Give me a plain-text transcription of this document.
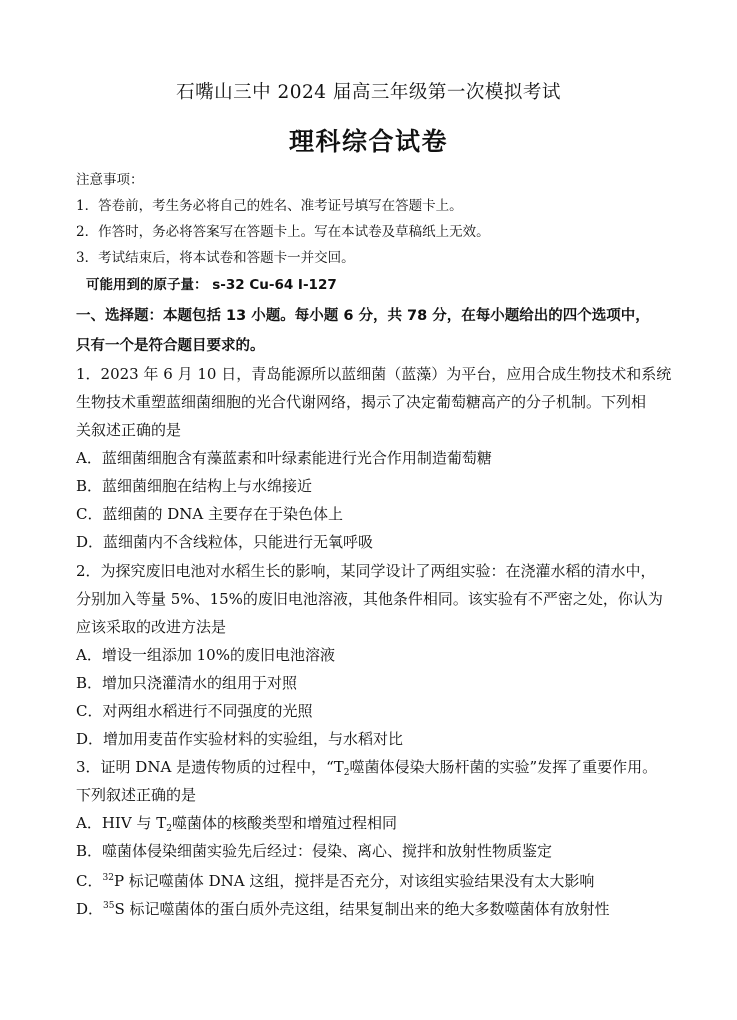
石嘴山三中 2024 届高三年级第一次模拟考试
理科综合试卷
注意事项：
1．答卷前，考生务必将自己的姓名、准考证号填写在答题卡上。
2．作答时，务必将答案写在答题卡上。写在本试卷及草稿纸上无效。
3．考试结束后，将本试卷和答题卡一并交回。
可能用到的原子量： s-32 Cu-64 I-127
一、选择题：本题包括 13 小题。每小题 6 分，共 78 分，在每小题给出的四个选项中，
只有一个是符合题目要求的。
1．2023 年 6 月 10 日，青岛能源所以蓝细菌（蓝藻）为平台，应用合成生物技术和系统
生物技术重塑蓝细菌细胞的光合代谢网络，揭示了决定葡萄糖高产的分子机制。下列相
关叙述正确的是
A．蓝细菌细胞含有藻蓝素和叶绿素能进行光合作用制造葡萄糖
B．蓝细菌细胞在结构上与水绵接近
C．蓝细菌的 DNA 主要存在于染色体上
D．蓝细菌内不含线粒体，只能进行无氧呼吸
2．为探究废旧电池对水稻生长的影响，某同学设计了两组实验：在浇灌水稻的清水中，
分别加入等量 5%、15%的废旧电池溶液，其他条件相同。该实验有不严密之处，你认为
应该采取的改进方法是
A．增设一组添加 10%的废旧电池溶液
B．增加只浇灌清水的组用于对照
C．对两组水稻进行不同强度的光照
D．增加用麦苗作实验材料的实验组，与水稻对比
3．证明 DNA 是遗传物质的过程中，“$T_2$噬菌体侵染大肠杆菌的实验”发挥了重要作用。
下列叙述正确的是
A．HIV 与 $T_2$噬菌体的核酸类型和增殖过程相同
B．噬菌体侵染细菌实验先后经过：侵染、离心、搅拌和放射性物质鉴定
C．$^{32}$P 标记噬菌体 DNA 这组，搅拌是否充分，对该组实验结果没有太大影响
D．$^{35}$S 标记噬菌体的蛋白质外壳这组，结果复制出来的绝大多数噬菌体有放射性
